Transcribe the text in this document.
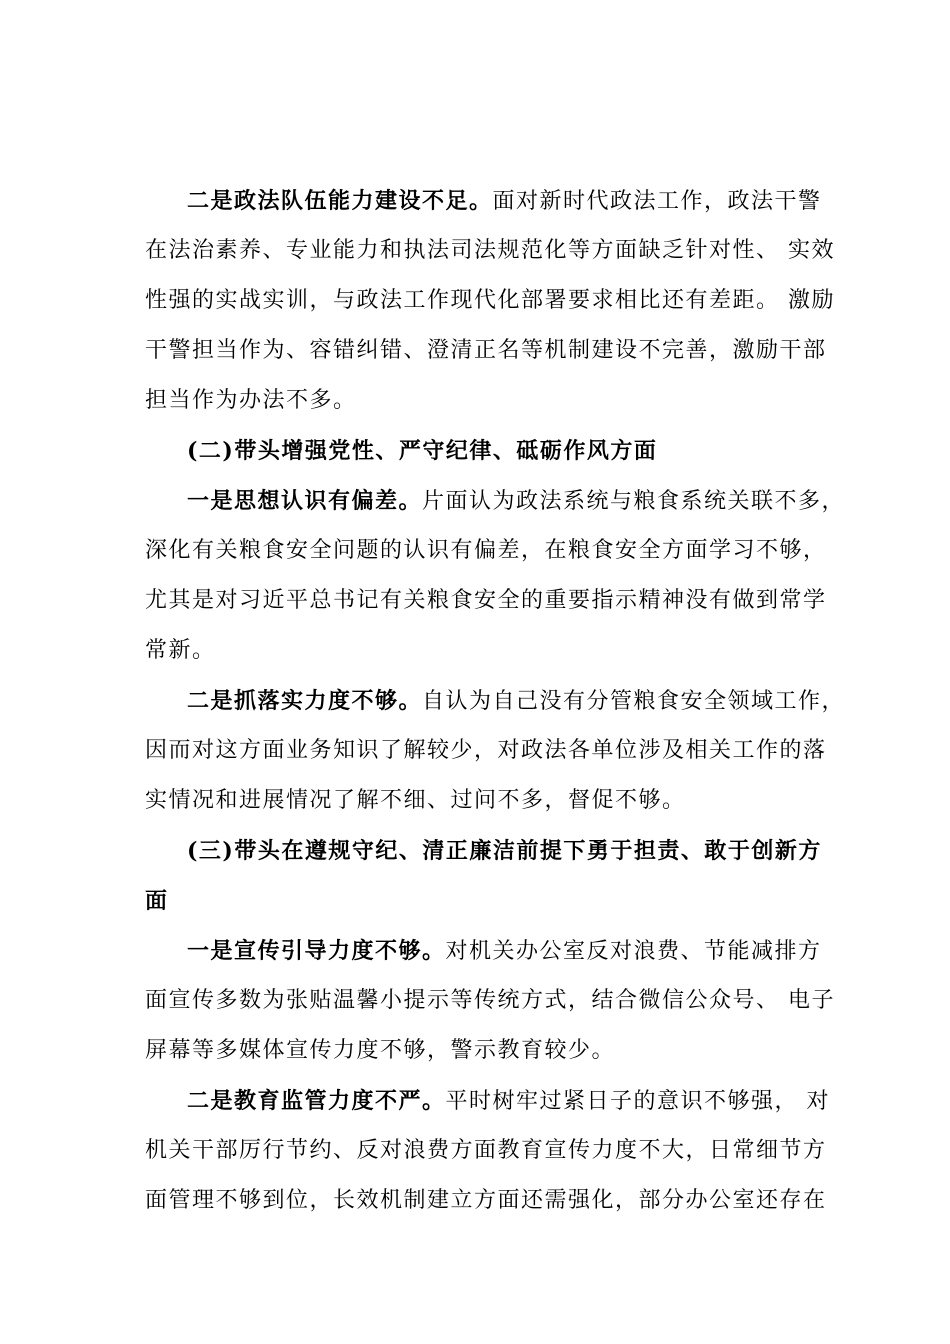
二是政法队伍能力建设不足。面对新时代政法工作，政法干警
在法治素养、专业能力和执法司法规范化等方面缺乏针对性、 实效
性强的实战实训，与政法工作现代化部署要求相比还有差距。 激励
干警担当作为、容错纠错、澄清正名等机制建设不完善，激励干部
担当作为办法不多。
(二)带头增强党性、严守纪律、砥砺作风方面
一是思想认识有偏差。片面认为政法系统与粮食系统关联不多，
深化有关粮食安全问题的认识有偏差，在粮食安全方面学习不够，
尤其是对习近平总书记有关粮食安全的重要指示精神没有做到常学
常新。
二是抓落实力度不够。自认为自己没有分管粮食安全领域工作，
因而对这方面业务知识了解较少，对政法各单位涉及相关工作的落
实情况和进展情况了解不细、过问不多，督促不够。
(三)带头在遵规守纪、清正廉洁前提下勇于担责、敢于创新方
面
一是宣传引导力度不够。对机关办公室反对浪费、节能减排方
面宣传多数为张贴温馨小提示等传统方式，结合微信公众号、 电子
屏幕等多媒体宣传力度不够，警示教育较少。
二是教育监管力度不严。平时树牢过紧日子的意识不够强， 对
机关干部厉行节约、反对浪费方面教育宣传力度不大，日常细节方
面管理不够到位，长效机制建立方面还需强化，部分办公室还存在
